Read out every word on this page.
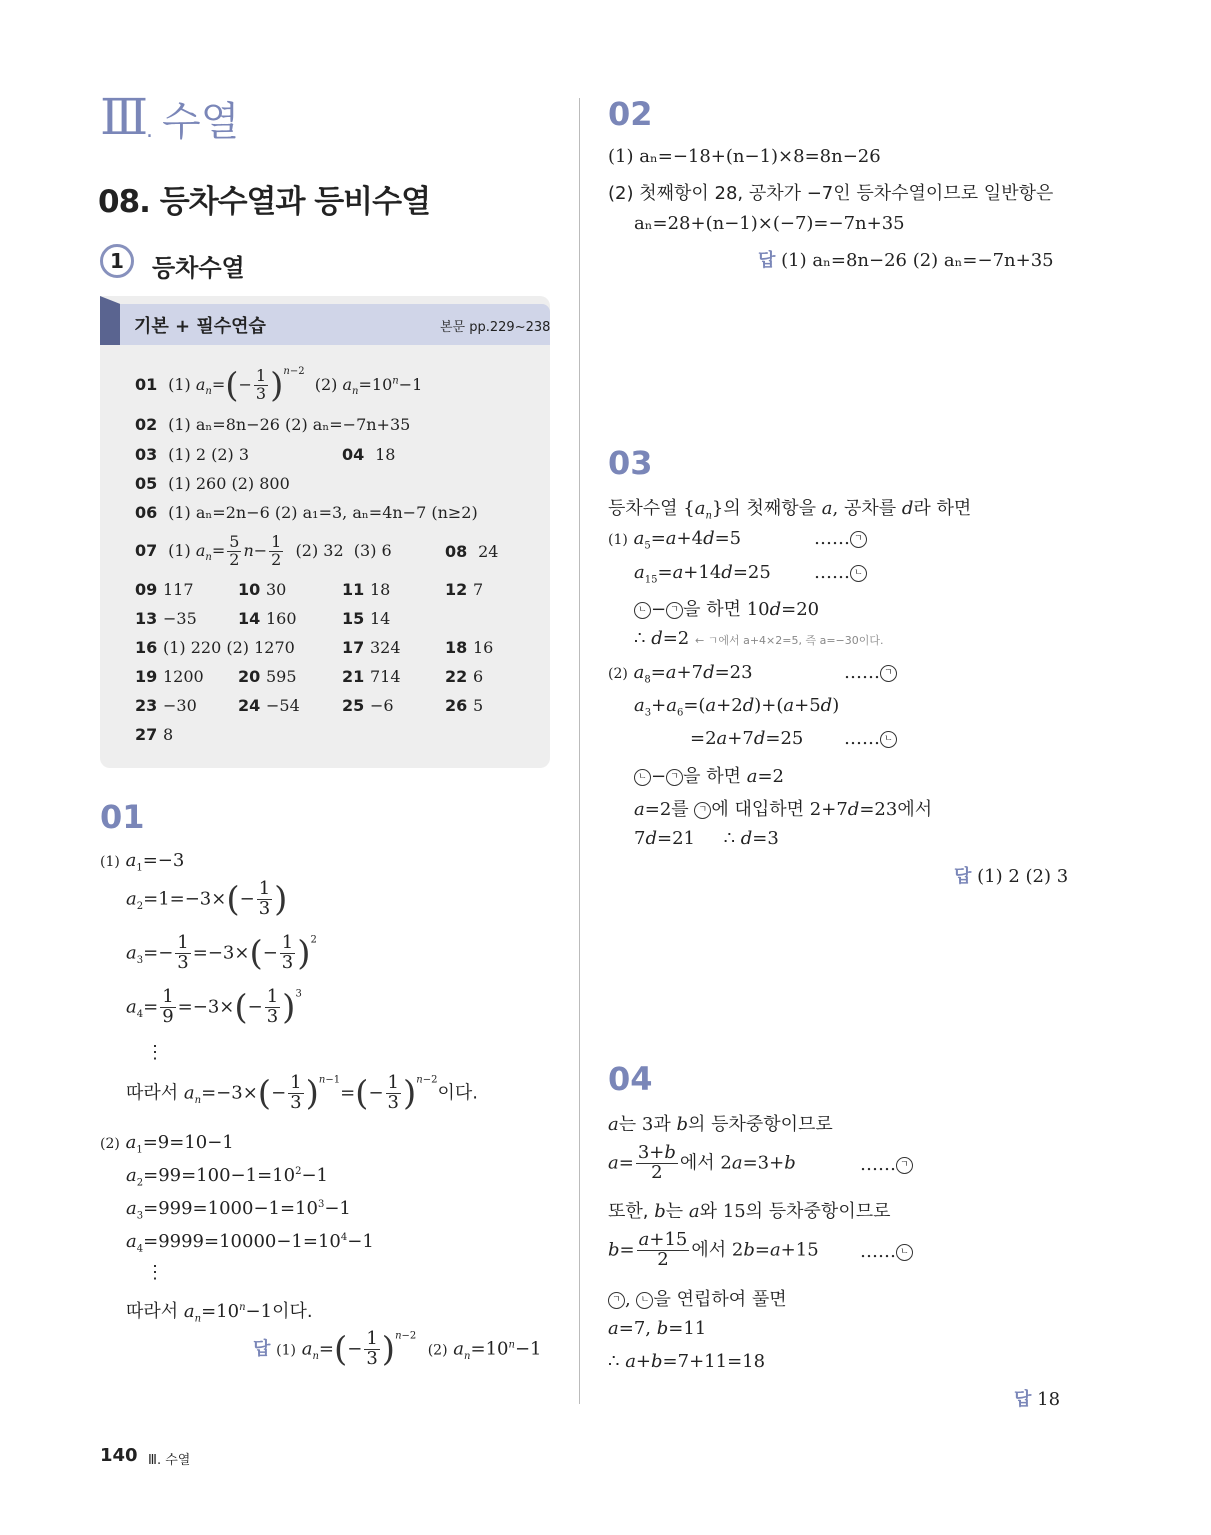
Ⅲ . 수열
08. 등차수열과 등비수열
1	등차수열
기본 + 필수연습	본문 pp.229~238
01 (1) $a_n=(- \frac{1}{3} )^{n-2}$  (2) $a_n=10^n-1$
02 (1) aₙ=8n−26 (2) aₙ=−7n+35
03 (1) 2 (2) 3	04 18
05 (1) 260 (2) 800
06 (1) aₙ=2n−6 (2) a₁=3, aₙ=4n−7 (n≥2)
07 (1) $a_n= \frac{5}{2} n- \frac{1}{2} (2)$ 32  (3) 6	08 24
09 117	10 30	11 18	12 7
13 −35	14 160	15 14
16 (1) 220 (2) 1270	17 324	18 16
19 1200 20 595	21 714	22 6
23 −30	24 −54	25 −6	26 5
27 8
01
(1) $a_1=-3$
$a_2=1=-3\times(- \frac{1}{3}$ )
$a_3=- \frac{1}{3} =-3\times(- \frac{1}{3} )^2$
$a_4= \frac{1}{9} =-3\times(- \frac{1}{3} )^3$
⋮
따라서 $a_n=-3\times(- \frac{1}{3} )^{n-1}=(- \frac{1}{3} )^{n-2}$이다.
(2) $a_1=9=10-1$
$a_2=99=100-1=10^2-1$
$a_3=999=1000-1=10^3-1$
$a_4=9999=10000-1=10^4-1$
⋮
따라서 $a_n=10^n-1$이다.
답 (1) $a_n=(- \frac{1}{3} )^{n-2}$  (2) $a_n=10^n-1$
02
(1) aₙ=−18+(n−1)×8=8n−26
(2) 첫째항이 28, 공차가 −7인 등차수열이므로 일반항은
aₙ=28+(n−1)×(−7)=−7n+35
답 (1) aₙ=8n−26 (2) aₙ=−7n+35
03
등차수열 $\{a_n\}$의 첫째항을 a, 공차를 d라 하면
(1) $a_5=a+4d=5$	…… ㄱ
$a_{15}=a+14d=25$ …… ㄴ
ㄴ − ㄱ 을 하면 10d=20
∴ d=2 ← ㄱ에서 a+4×2=5, 즉 a=−30이다.
(2) $a_8=a+7d=23$	…… ㄱ
$a_3+a_6=(a+2d)+(a+5d)$
=2a+7d=25 …… ㄴ
ㄴ − ㄱ 을 하면 a=2
a=2를 ㄱ 에 대입하면 2+7d=23에서
7d=21     ∴ d=3
답 (1) 2 (2) 3
04
a는 3과 b의 등차중항이므로
$a= \frac{3+b}{2}$ 에서 2a=3+b	…… ㄱ
또한, b는 a와 15의 등차중항이므로
$b= \frac{a+15}{2}$ 에서 2b=a+15 …… ㄴ
ㄱ , ㄴ 을 연립하여 풀면
a=7, b=11
∴ a+b=7+11=18
답 18
140 Ⅲ. 수열
